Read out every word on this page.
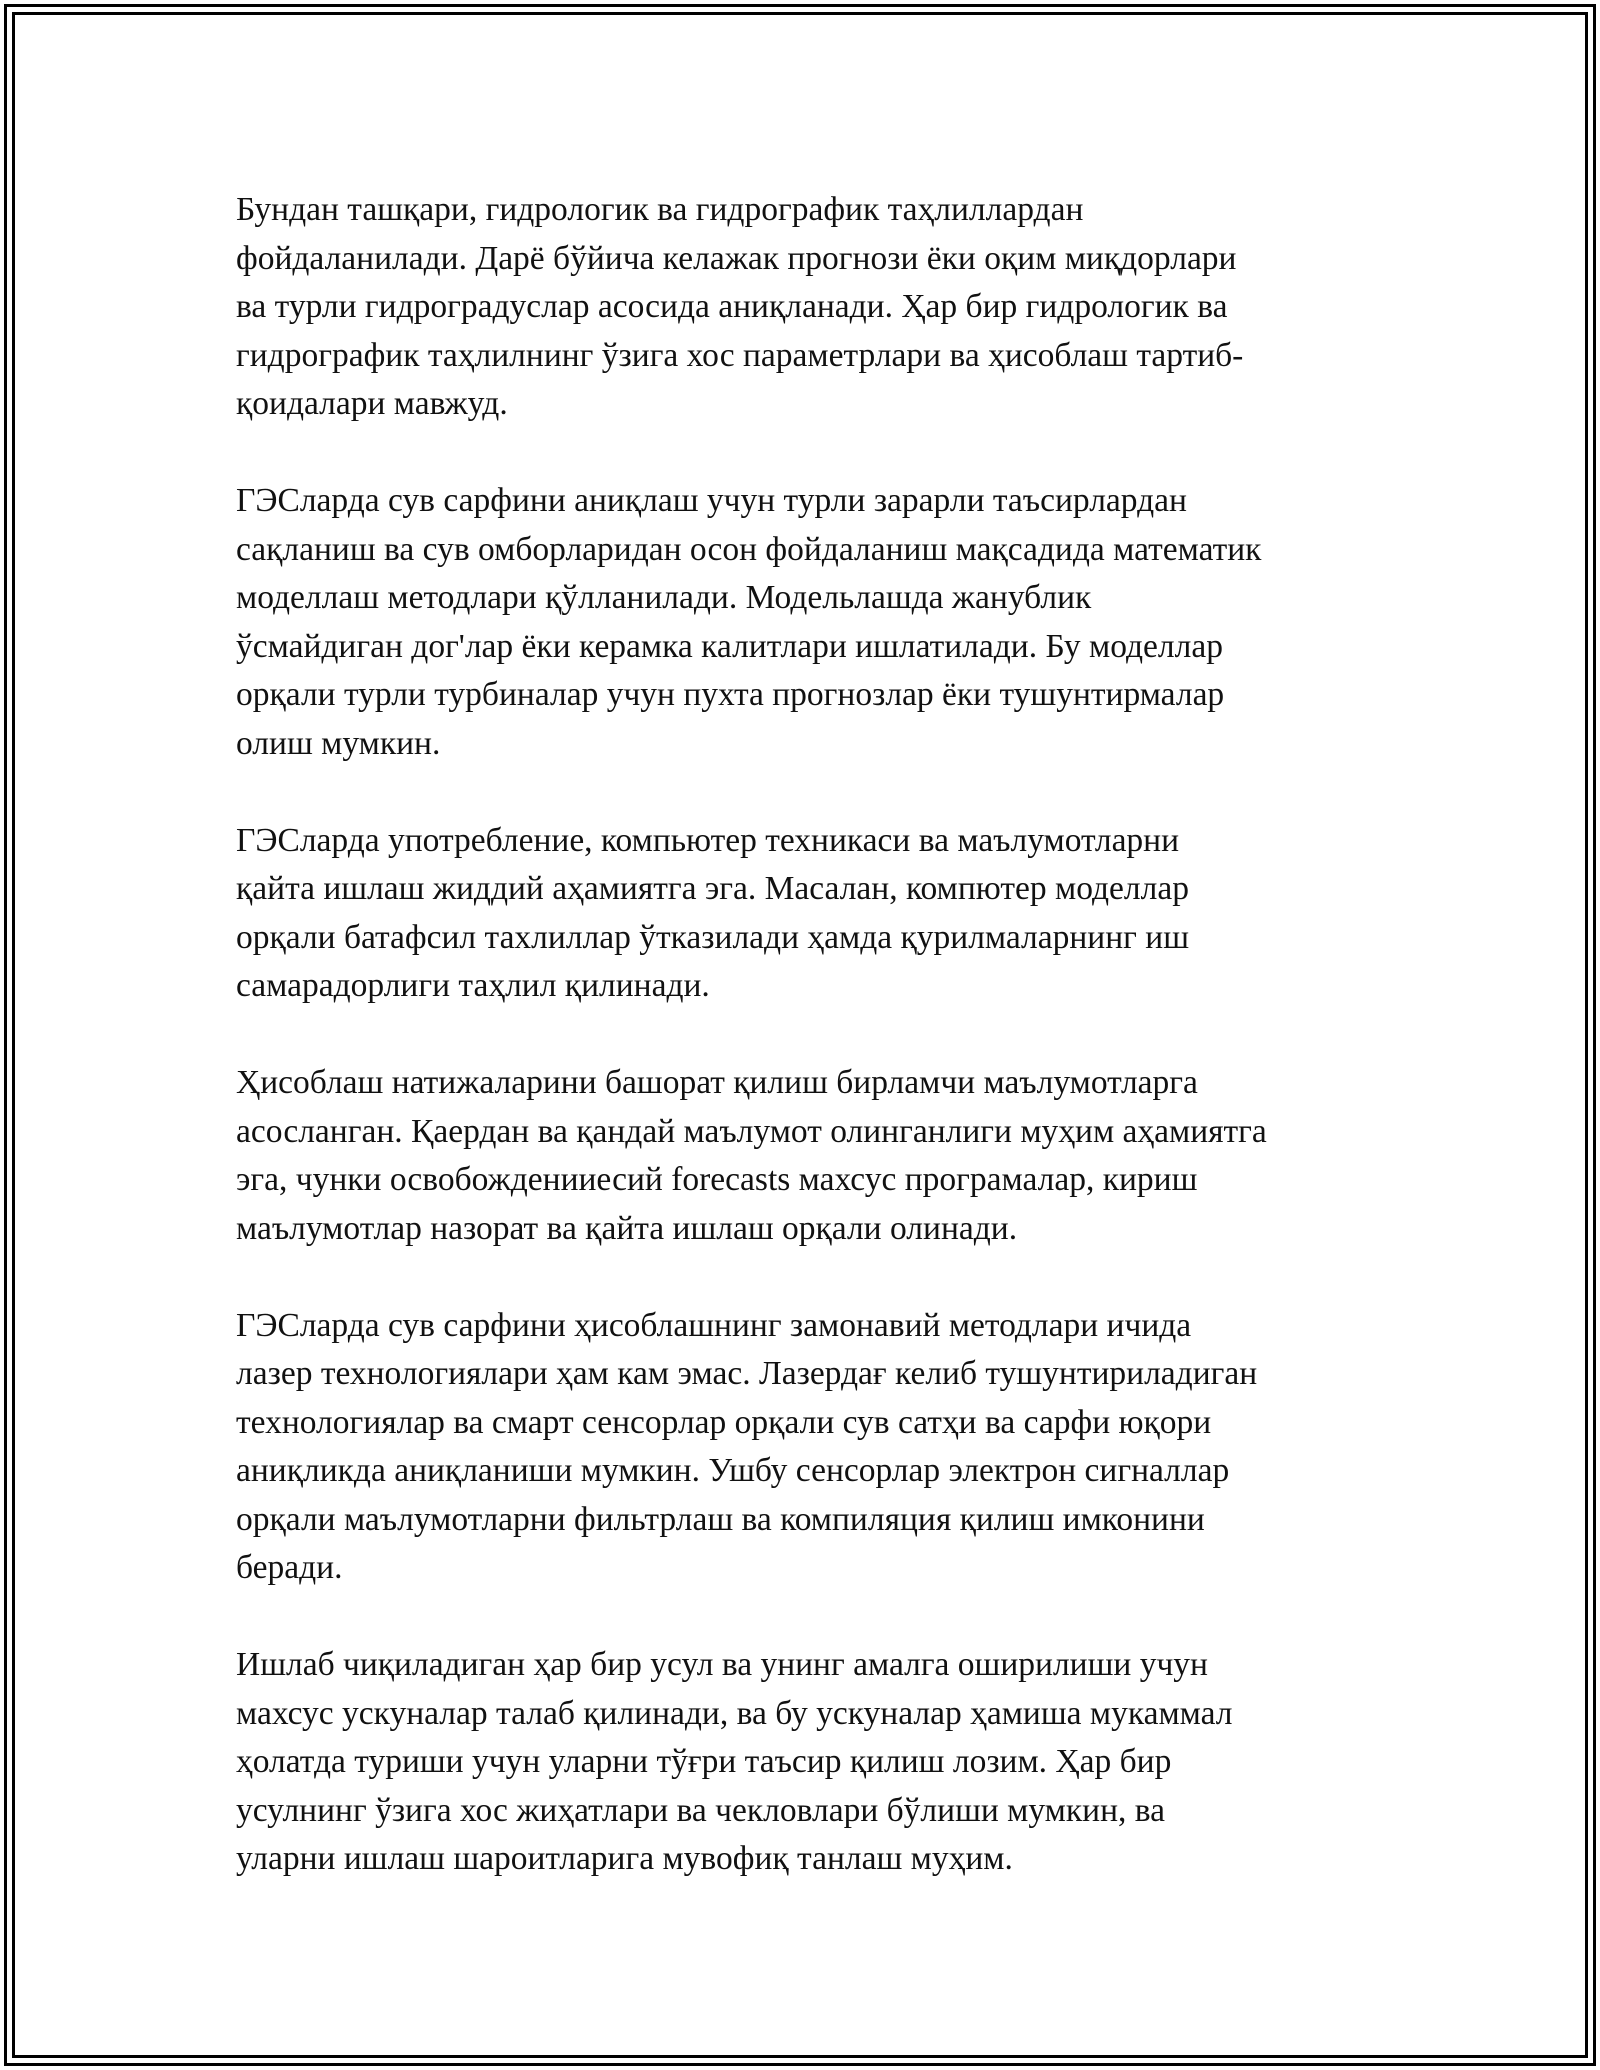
Бундан ташқари, гидрологик ва гидрографик таҳлиллардан
фойдаланилади. Дарё бўйича келажак прогнози ёки оқим миқдорлари
ва турли гидроградуслар асосида аниқланади. Ҳар бир гидрологик ва
гидрографик таҳлилнинг ўзига хос параметрлари ва ҳисоблаш тартиб-
қоидалари мавжуд.

ГЭСларда сув сарфини аниқлаш учун турли зарарли таъсирлардан
сақланиш ва сув омборларидан осон фойдаланиш мақсадида математик
моделлаш методлари қўлланилади. Модельлашда жанублик
ўсмайдиган дог'лар ёки керамка калитлари ишлатилади. Бу моделлар
орқали турли турбиналар учун пухта прогнозлар ёки тушунтирмалар
олиш мумкин.

ГЭСларда употребление, компьютер техникаси ва маълумотларни
қайта ишлаш жиддий аҳамиятга эга. Масалан, компютер моделлар
орқали батафсил тахлиллар ўтказилади ҳамда қурилмаларнинг иш
самарадорлиги таҳлил қилинади.

Ҳисоблаш натижаларини башорат қилиш бирламчи маълумотларга
асосланган. Қаердан ва қандай маълумот олинганлиги муҳим аҳамиятга
эга, чунки освобожденииесий forecasts махсус програмалар, кириш
маълумотлар назорат ва қайта ишлаш орқали олинади.

ГЭСларда сув сарфини ҳисоблашнинг замонавий методлари ичида
лазер технологиялари ҳам кам эмас. Лазердағ келиб тушунтириладиган
технологиялар ва смарт сенсорлар орқали сув сатҳи ва сарфи юқори
аниқликда аниқланиши мумкин. Ушбу сенсорлар электрон сигналлар
орқали маълумотларни фильтрлаш ва компиляция қилиш имконини
беради.

Ишлаб чиқиладиган ҳар бир усул ва унинг амалга оширилиши учун
махсус ускуналар талаб қилинади, ва бу ускуналар ҳамиша мукаммал
ҳолатда туриши учун уларни тўғри таъсир қилиш лозим. Ҳар бир
усулнинг ўзига хос жиҳатлари ва чекловлари бўлиши мумкин, ва
уларни ишлаш шароитларига мувофиқ танлаш муҳим.
